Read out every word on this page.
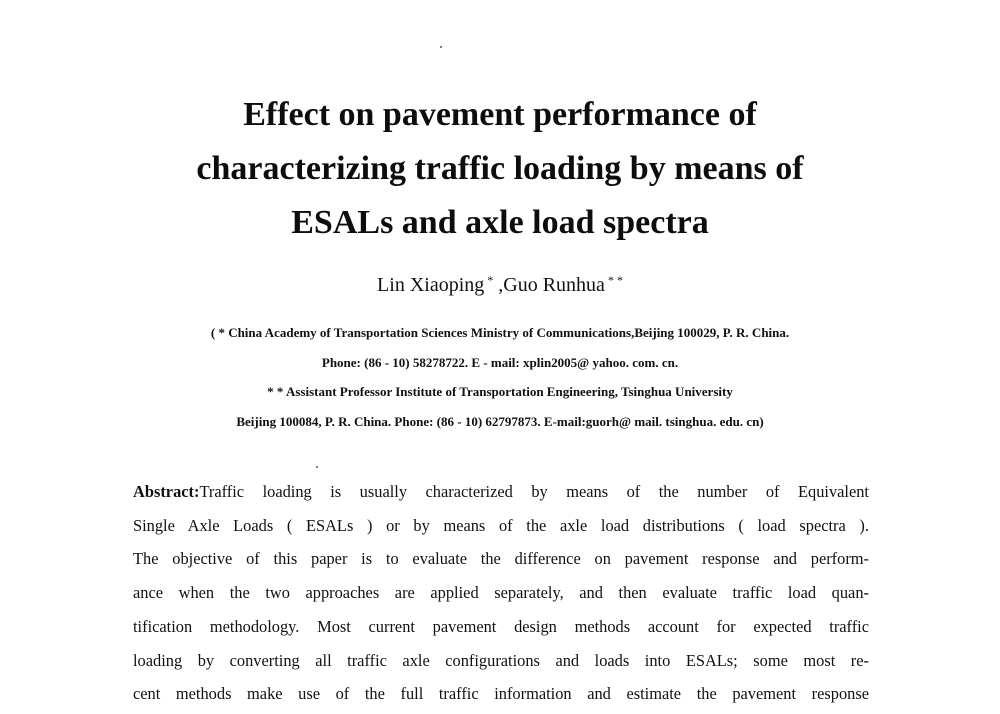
Effect on pavement performance of
characterizing traffic loading by means of
ESALs and axle load spectra
Lin Xiaoping * ,Guo Runhua * *
( * China Academy of Transportation Sciences Ministry of Communications,Beijing 100029, P. R. China.
Phone: (86 - 10) 58278722. E - mail: xplin2005@ yahoo. com. cn.
* * Assistant Professor Institute of Transportation Engineering, Tsinghua University
Beijing 100084, P. R. China. Phone: (86 - 10) 62797873. E-mail:guorh@ mail. tsinghua. edu. cn)
Abstract:Traffic loading is usually characterized by means of the number of Equivalent
Single Axle Loads ( ESALs ) or by means of the axle load distributions ( load spectra ).
The objective of this paper is to evaluate the difference on pavement response and perform-
ance when the two approaches are applied separately, and then evaluate traffic load quan-
tification methodology. Most current pavement design methods account for expected traffic
loading by converting all traffic axle configurations and loads into ESALs; some most re-
cent methods make use of the full traffic information and estimate the pavement response
